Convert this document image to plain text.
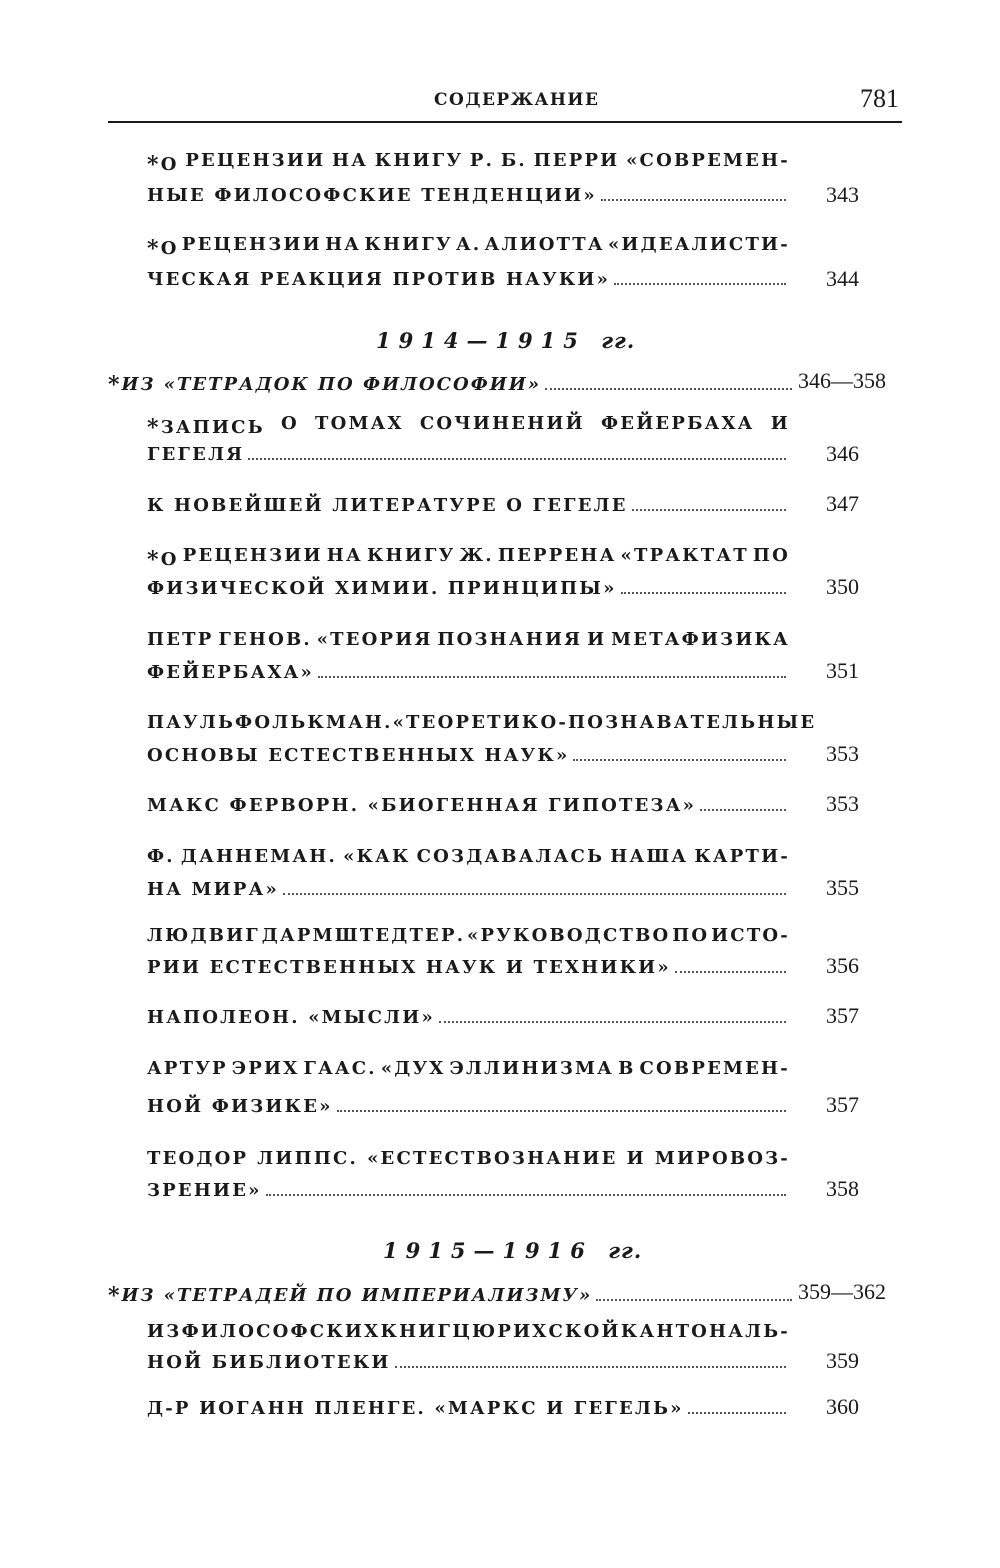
СОДЕРЖАНИЕ	781
*О РЕЦЕНЗИИ НА КНИГУ Р. Б. ПЕРРИ «СОВРЕМЕН-
НЫЕ ФИЛОСОФСКИЕ ТЕНДЕНЦИИ»	343
*О РЕЦЕНЗИИ НА КНИГУ А. АЛИОТТА «ИДЕАЛИСТИ-
ЧЕСКАЯ РЕАКЦИЯ ПРОТИВ НАУКИ»	344
1914—1915 гг.
* ИЗ «ТЕТРАДОК ПО ФИЛОСОФИИ»	346—358
*ЗАПИСЬ О ТОМАХ СОЧИНЕНИЙ ФЕЙЕРБАХА И
ГЕГЕЛЯ	346
К НОВЕЙШЕЙ ЛИТЕРАТУРЕ О ГЕГЕЛЕ	347
*О РЕЦЕНЗИИ НА КНИГУ Ж. ПЕРРЕНА «ТРАКТАТ ПО
ФИЗИЧЕСКОЙ ХИМИИ. ПРИНЦИПЫ»	350
ПЕТР ГЕНОВ. «ТЕОРИЯ ПОЗНАНИЯ И МЕТАФИЗИКА
ФЕЙЕРБАХА»	351
ПАУЛЬ ФОЛЬКМАН. «ТЕОРЕТИКО-ПОЗНАВАТЕЛЬНЫЕ
ОСНОВЫ ЕСТЕСТВЕННЫХ НАУК»	353
МАКС ФЕРВОРН. «БИОГЕННАЯ ГИПОТЕЗА»	353
Ф. ДАННЕМАН. «КАК СОЗДАВАЛАСЬ НАША КАРТИ-
НА МИРА»	355
ЛЮДВИГ ДАРМШТЕДТЕР. «РУКОВОДСТВО ПО ИСТО-
РИИ ЕСТЕСТВЕННЫХ НАУК И ТЕХНИКИ»	356
НАПОЛЕОН. «МЫСЛИ»	357
АРТУР ЭРИХ ГААС. «ДУХ ЭЛЛИНИЗМА В СОВРЕМЕН-
НОЙ ФИЗИКЕ»	357
ТЕОДОР ЛИППС. «ЕСТЕСТВОЗНАНИЕ И МИРОВОЗ-
ЗРЕНИЕ»	358
1915—1916 гг.
* ИЗ «ТЕТРАДЕЙ ПО ИМПЕРИАЛИЗМУ»	359—362
ИЗ ФИЛОСОФСКИХ КНИГ ЦЮРИХСКОЙ КАНТОНАЛЬ-
НОЙ БИБЛИОТЕКИ	359
Д-Р ИОГАНН ПЛЕНГЕ. «МАРКС И ГЕГЕЛЬ»	360
